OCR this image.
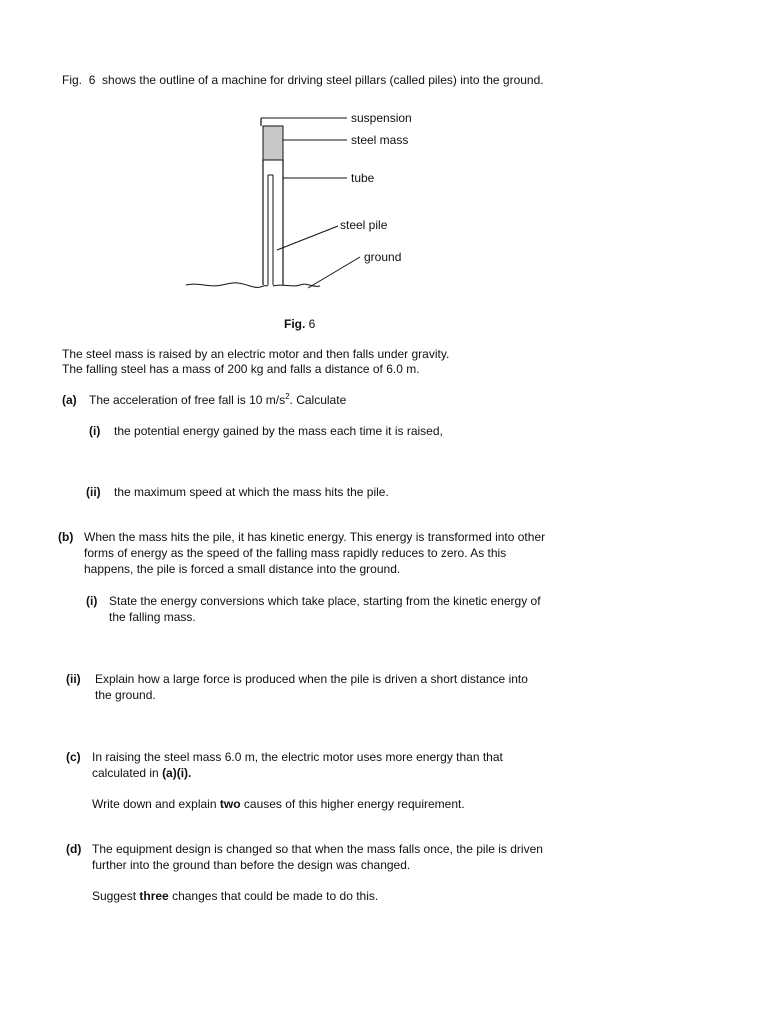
Fig. 6 shows the outline of a machine for driving steel pillars (called piles) into the ground.
suspension
steel mass
tube
steel pile
ground
Fig. 6
The steel mass is raised by an electric motor and then falls under gravity.
The falling steel has a mass of 200 kg and falls a distance of 6.0 m.
(a) The acceleration of free fall is 10 $m/s^2$. Calculate
(i) the potential energy gained by the mass each time it is raised,
(ii) the maximum speed at which the mass hits the pile.
(b) When the mass hits the pile, it has kinetic energy. This energy is transformed into other
forms of energy as the speed of the falling mass rapidly reduces to zero. As this
happens, the pile is forced a small distance into the ground.
(i) State the energy conversions which take place, starting from the kinetic energy of
the falling mass.
(ii) Explain how a large force is produced when the pile is driven a short distance into
the ground.
(c) In raising the steel mass 6.0 m, the electric motor uses more energy than that
calculated in (a)(i).
Write down and explain two causes of this higher energy requirement.
(d) The equipment design is changed so that when the mass falls once, the pile is driven
further into the ground than before the design was changed.
Suggest three changes that could be made to do this.
